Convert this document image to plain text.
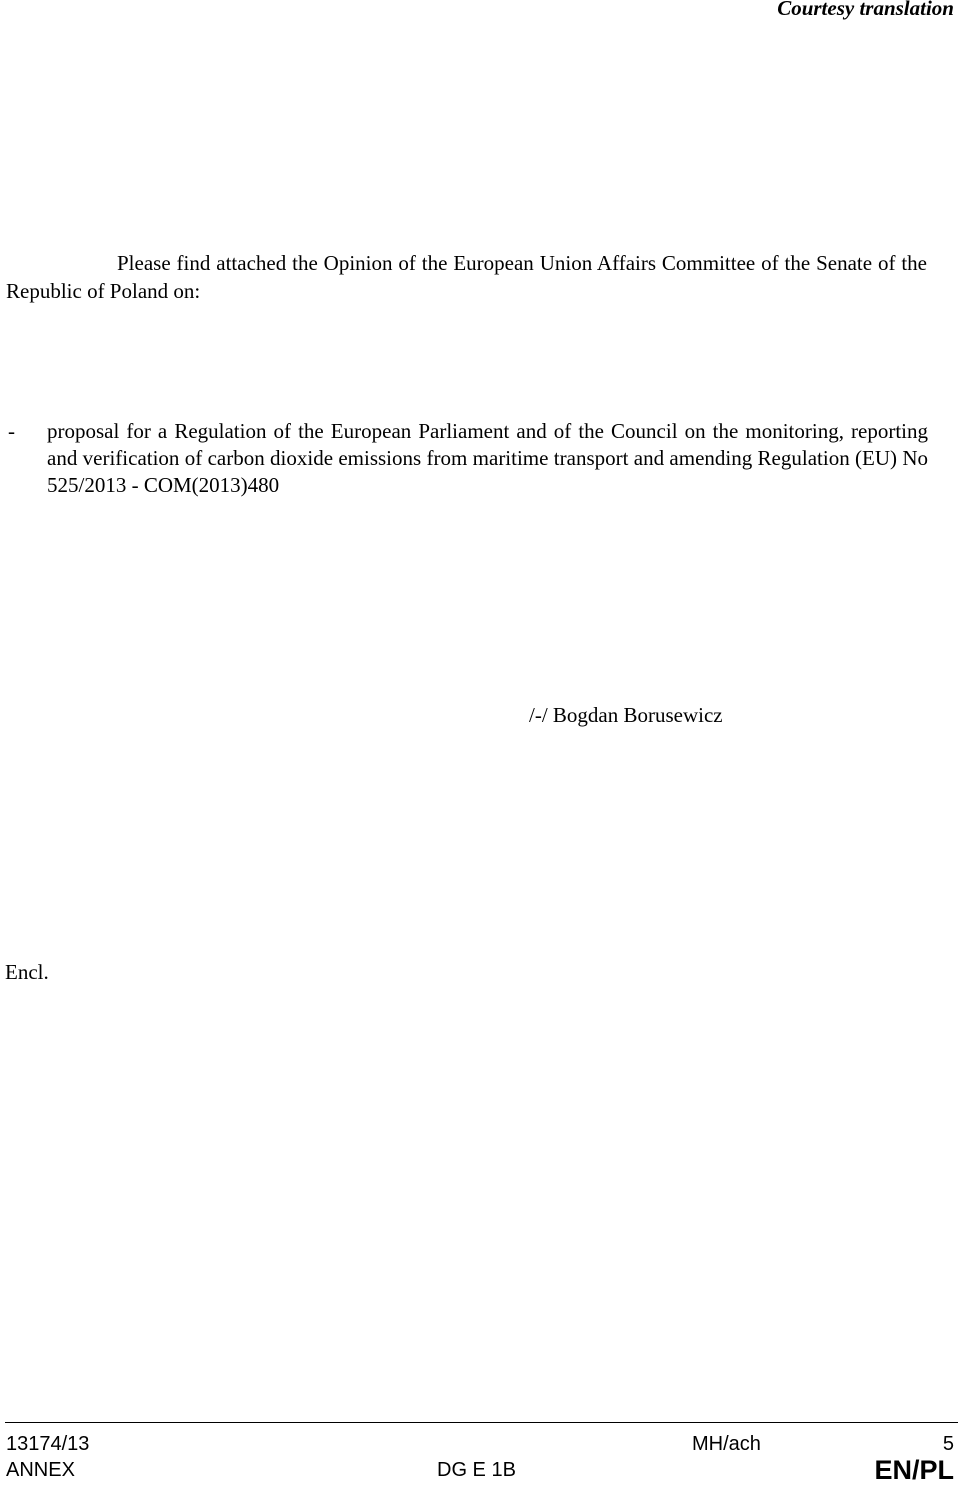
Courtesy translation

Please find attached the Opinion of the European Union Affairs Committee of the Senate of the Republic of Poland on:

- proposal for a Regulation of the European Parliament and of the Council on the monitoring, reporting and verification of carbon dioxide emissions from maritime transport and amending Regulation (EU) No 525/2013 - COM(2013)480
/-/ Bogdan Borusewicz
Encl.
13174/13
ANNEX	DG E 1B
MH/ach	5
EN/PL
